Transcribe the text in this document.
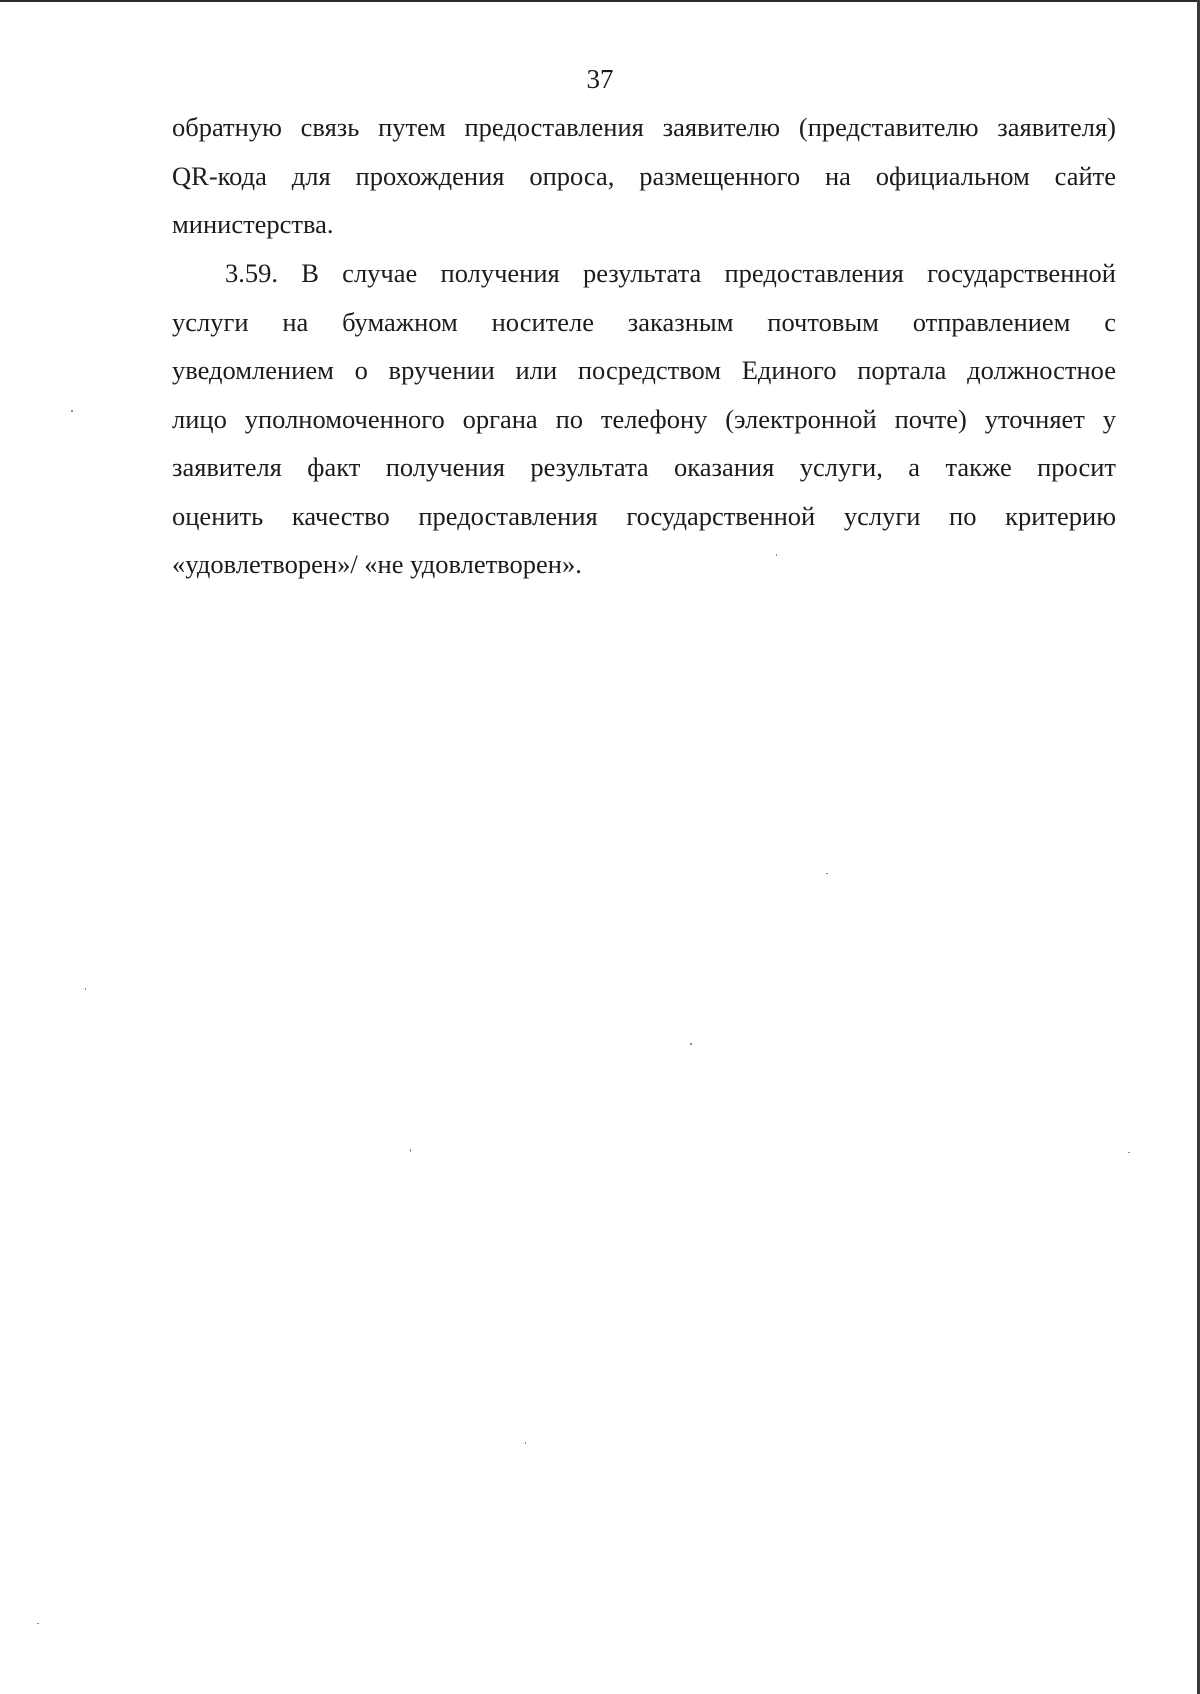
37
обратную связь путем предоставления заявителю (представителю заявителя)
QR-кода для прохождения опроса, размещенного на официальном сайте
министерства.
3.59. В случае получения результата предоставления государственной
услуги на бумажном носителе заказным почтовым отправлением с
уведомлением о вручении или посредством Единого портала должностное
лицо уполномоченного органа по телефону (электронной почте) уточняет у
заявителя факт получения результата оказания услуги, а также просит
оценить качество предоставления государственной услуги по критерию
«удовлетворен»/ «не удовлетворен».
